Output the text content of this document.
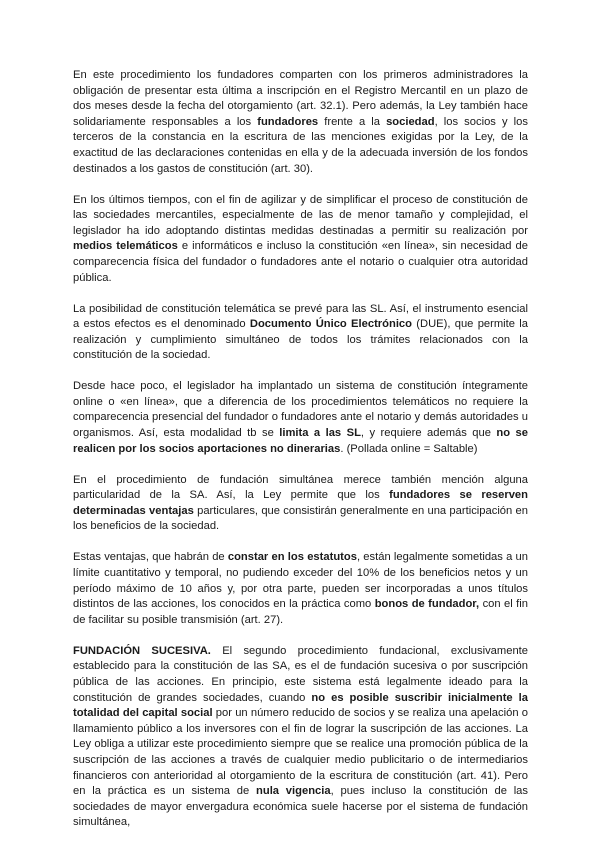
En este procedimiento los fundadores comparten con los primeros administradores la obligación de presentar esta última a inscripción en el Registro Mercantil en un plazo de dos meses desde la fecha del otorgamiento (art. 32.1). Pero además, la Ley también hace solidariamente responsables a los fundadores frente a la sociedad, los socios y los terceros de la constancia en la escritura de las menciones exigidas por la Ley, de la exactitud de las declaraciones contenidas en ella y de la adecuada inversión de los fondos destinados a los gastos de constitución (art. 30).

En los últimos tiempos, con el fin de agilizar y de simplificar el proceso de constitución de las sociedades mercantiles, especialmente de las de menor tamaño y complejidad, el legislador ha ido adoptando distintas medidas destinadas a permitir su realización por medios telemáticos e informáticos e incluso la constitución «en línea», sin necesidad de comparecencia física del fundador o fundadores ante el notario o cualquier otra autoridad pública.

La posibilidad de constitución telemática se prevé para las SL. Así, el instrumento esencial a estos efectos es el denominado Documento Único Electrónico (DUE), que permite la realización y cumplimiento simultáneo de todos los trámites relacionados con la constitución de la sociedad.

Desde hace poco, el legislador ha implantado un sistema de constitución íntegramente online o «en línea», que a diferencia de los procedimientos telemáticos no requiere la comparecencia presencial del fundador o fundadores ante el notario y demás autoridades u organismos. Así, esta modalidad tb se limita a las SL, y requiere además que no se realicen por los socios aportaciones no dinerarias. (Pollada online = Saltable)

En el procedimiento de fundación simultánea merece también mención alguna particularidad de la SA. Así, la Ley permite que los fundadores se reserven determinadas ventajas particulares, que consistirán generalmente en una participación en los beneficios de la sociedad.

Estas ventajas, que habrán de constar en los estatutos, están legalmente sometidas a un límite cuantitativo y temporal, no pudiendo exceder del 10% de los beneficios netos y un período máximo de 10 años y, por otra parte, pueden ser incorporadas a unos títulos distintos de las acciones, los conocidos en la práctica como bonos de fundador, con el fin de facilitar su posible transmisión (art. 27).

FUNDACIÓN SUCESIVA. El segundo procedimiento fundacional, exclusivamente establecido para la constitución de las SA, es el de fundación sucesiva o por suscripción pública de las acciones. En principio, este sistema está legalmente ideado para la constitución de grandes sociedades, cuando no es posible suscribir inicialmente la totalidad del capital social por un número reducido de socios y se realiza una apelación o llamamiento público a los inversores con el fin de lograr la suscripción de las acciones. La Ley obliga a utilizar este procedimiento siempre que se realice una promoción pública de la suscripción de las acciones a través de cualquier medio publicitario o de intermediarios financieros con anterioridad al otorgamiento de la escritura de constitución (art. 41). Pero en la práctica es un sistema de nula vigencia, pues incluso la constitución de las sociedades de mayor envergadura económica suele hacerse por el sistema de fundación simultánea,
